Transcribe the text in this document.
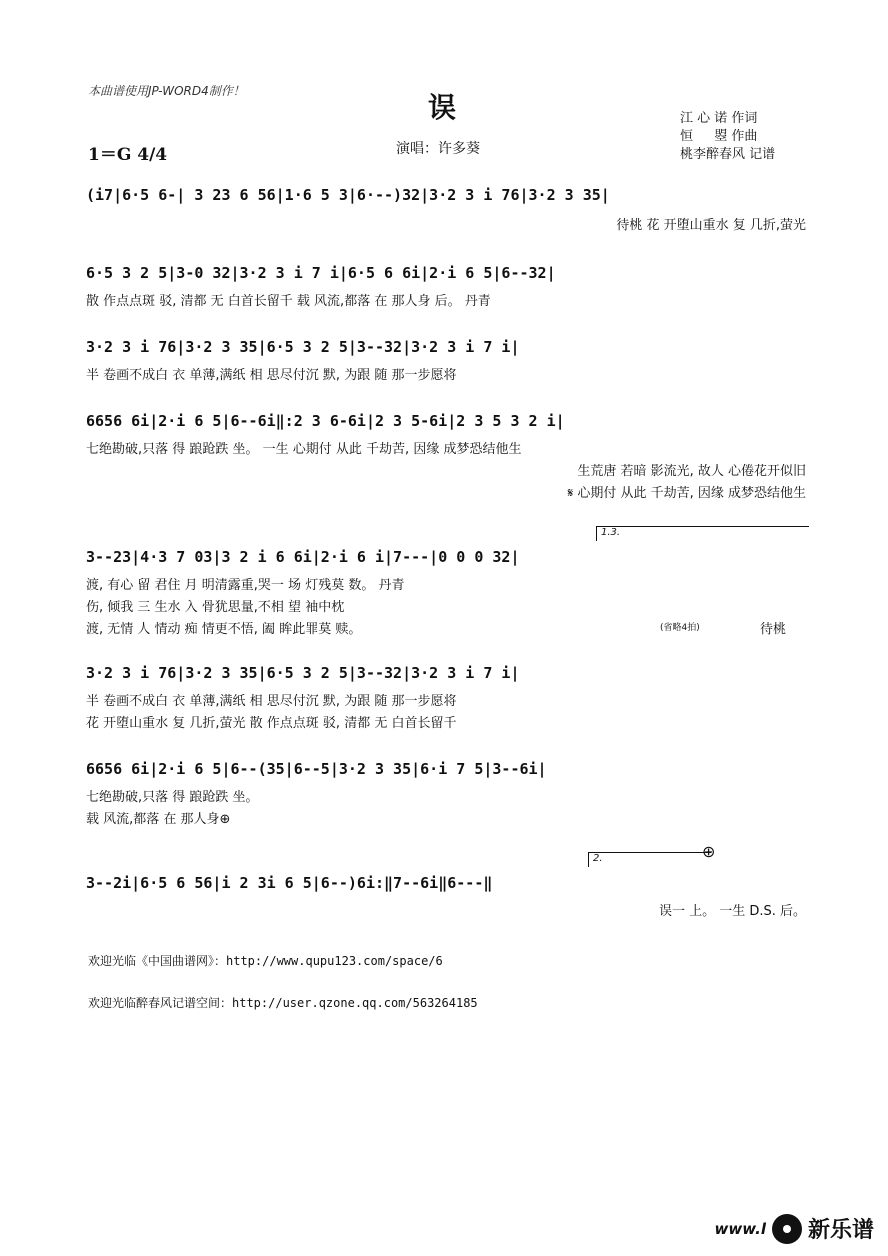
本曲谱使用JP-WORD4制作！	误	江 心 诺 作词
恒 　 曌 作曲
桃李醉春风 记谱
1＝G 4/4	演唱：许多葵
(i7|6·5 6-| 3 23 6 56|1·6 5 3|6·--)32|3·2 3 i 76|3·2 3 35|
待桃 花 开堕山重水 复 几折,萤光
6·5 3 2 5|3-0 32|3·2 3 i 7 i|6·5 6 6i|2·i 6 5|6--32|
散 作点点斑 驳, 清都 无 白首长留千 载 风流,都落 在 那人身 后。 丹青
3·2 3 i 76|3·2 3 35|6·5 3 2 5|3--32|3·2 3 i 7 i|
半 卷画不成白 衣 单薄,满纸 相 思尽付沉 默, 为跟 随 那一步愿将
6656 6i|2·i 6 5|6--6i‖:2 3 6-6i|2 3 5-6i|2 3 5 3 2 i|
七绝勘破,只落 得 踉跄跌 坐。 一生 心期付 从此 千劫苦, 因缘 成梦恐结他生
生荒唐 若暗 影流光, 故人 心倦花开似旧
𝄋 心期付 从此 千劫苦, 因缘 成梦恐结他生
1.3.
3--23|4·3 7 03|3 2 i 6 6i|2·i 6 i|7---|0 0 0 32|
渡, 有心 留 君住 月 明清露重,哭一 场 灯残莫 数。 丹青
伤, 倾我 三 生水 入 骨犹思量,不相 望 袖中枕
渡, 无情 人 情动 痴 情更不悟, 阖 眸此罪莫 赎。	(省略4拍)	待桃
3·2 3 i 76|3·2 3 35|6·5 3 2 5|3--32|3·2 3 i 7 i|
半 卷画不成白 衣 单薄,满纸 相 思尽付沉 默, 为跟 随 那一步愿将
花 开堕山重水 复 几折,萤光 散 作点点斑 驳, 清都 无 白首长留千
6656 6i|2·i 6 5|6--(35|6--5|3·2 3 35|6·i 7 5|3--6i|
七绝勘破,只落 得 踉跄跌 坐。
载 风流,都落 在 那人身⊕
2.	⊕
3--2i|6·5 6 56|i 2 3i 6 5|6--)6i:‖7--6i‖6---‖
误一 上。 一生 D.S. 后。
欢迎光临《中国曲谱网》：http://www.qupu123.com/space/6
欢迎光临醉春风记谱空间：http://user.qzone.qq.com/563264185
www.l 新乐谱
